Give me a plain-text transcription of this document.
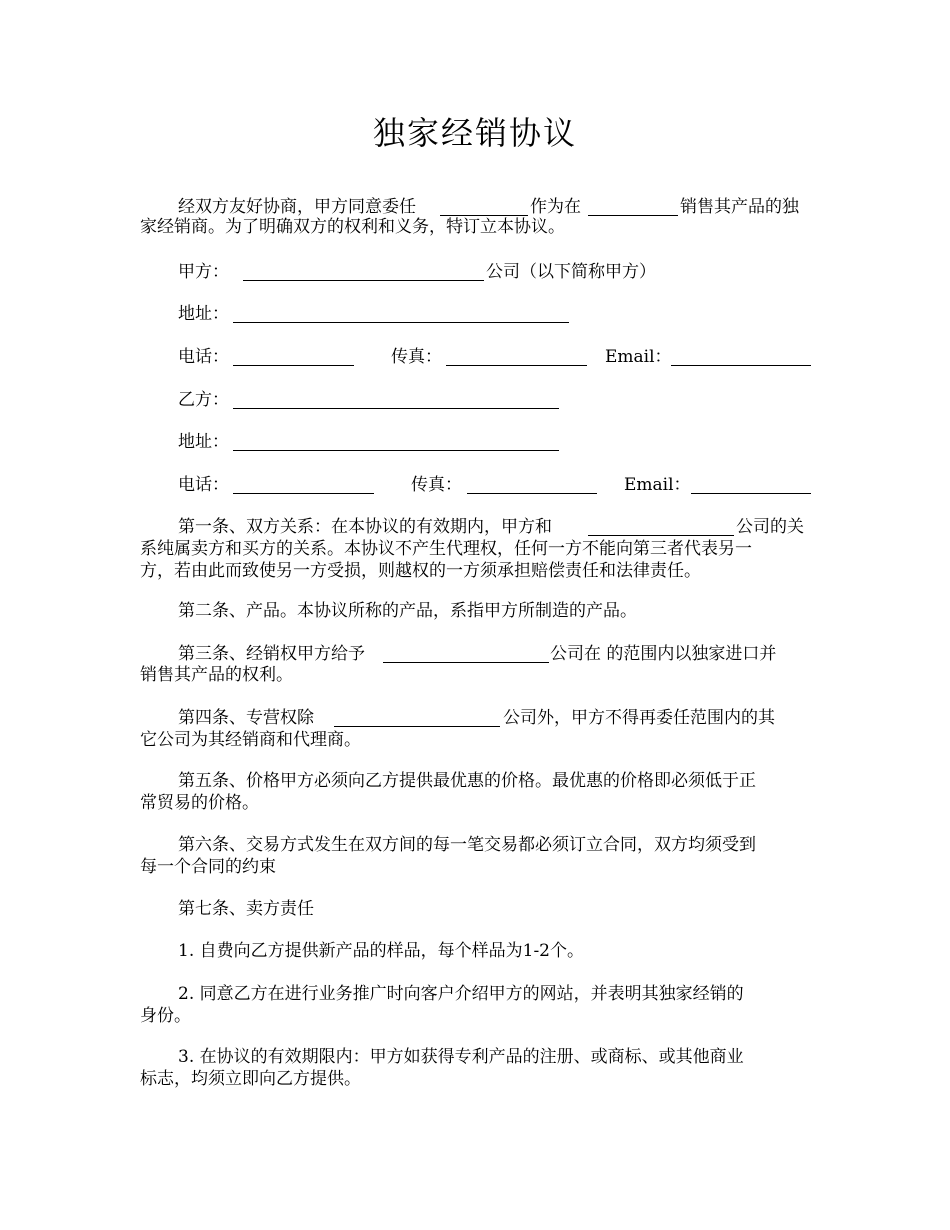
独家经销协议
经双方友好协商，甲方同意委任	作为在	销售其产品的独
家经销商。为了明确双方的权利和义务，特订立本协议。
甲方：	公司（以下简称甲方）
地址：
电话：	传真：	Email：
乙方：
地址：
电话：	传真：	Email：
第一条、双方关系：在本协议的有效期内，甲方和	公司的关
系纯属卖方和买方的关系。本协议不产生代理权，任何一方不能向第三者代表另一
方，若由此而致使另一方受损，则越权的一方须承担赔偿责任和法律责任。
第二条、产品。本协议所称的产品，系指甲方所制造的产品。
第三条、经销权甲方给予	公司在 的范围内以独家进口并
销售其产品的权利。
第四条、专营权除	公司外，甲方不得再委任范围内的其
它公司为其经销商和代理商。
第五条、价格甲方必须向乙方提供最优惠的价格。最优惠的价格即必须低于正
常贸易的价格。
第六条、交易方式发生在双方间的每一笔交易都必须订立合同，双方均须受到
每一个合同的约束
第七条、卖方责任
1. 自费向乙方提供新产品的样品，每个样品为1-2个。
2. 同意乙方在进行业务推广时向客户介绍甲方的网站，并表明其独家经销的
身份。
3. 在协议的有效期限内：甲方如获得专利产品的注册、或商标、或其他商业
标志，均须立即向乙方提供。
